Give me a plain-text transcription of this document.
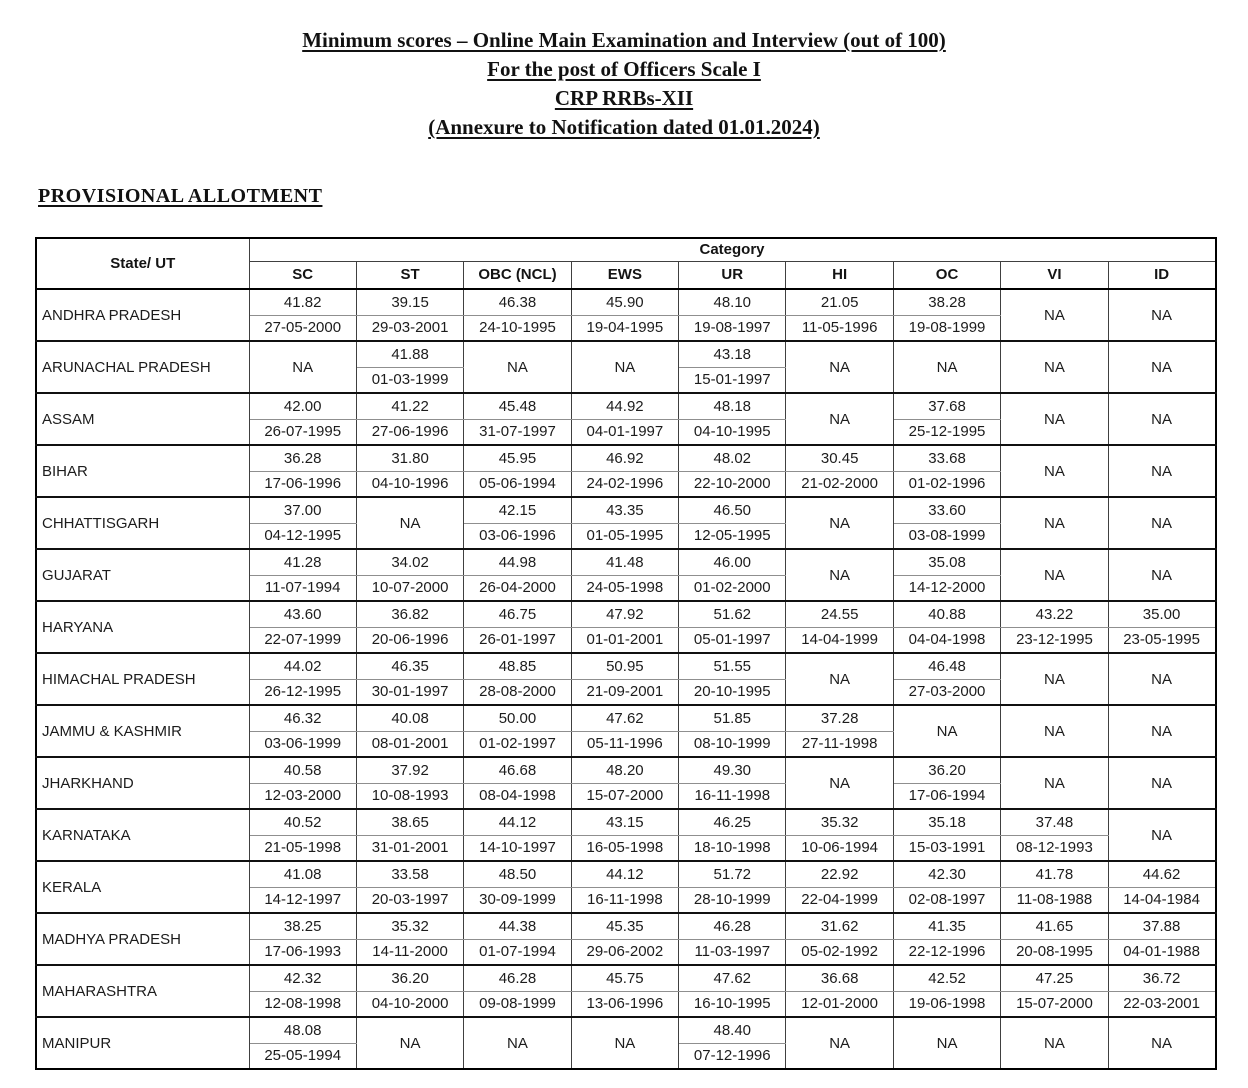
Minimum scores – Online Main Examination and Interview (out of 100)
For the post of Officers Scale I
CRP RRBs-XII
(Annexure to Notification dated 01.01.2024)
PROVISIONAL ALLOTMENT
State/ UT	Category								
	SC	ST	OBC (NCL)	EWS	UR	HI	OC	VI	ID
ANDHRA PRADESH	41.82	39.15	46.38	45.90	48.10	21.05	38.28	NA	NA
	27-05-2000	29-03-2001	24-10-1995	19-04-1995	19-08-1997	11-05-1996	19-08-1999		
ARUNACHAL PRADESH	NA	41.88	NA	NA	43.18	NA	NA	NA	NA
		01-03-1999			15-01-1997				
ASSAM	42.00	41.22	45.48	44.92	48.18	NA	37.68	NA	NA
	26-07-1995	27-06-1996	31-07-1997	04-01-1997	04-10-1995		25-12-1995		
BIHAR	36.28	31.80	45.95	46.92	48.02	30.45	33.68	NA	NA
	17-06-1996	04-10-1996	05-06-1994	24-02-1996	22-10-2000	21-02-2000	01-02-1996		
CHHATTISGARH	37.00	NA	42.15	43.35	46.50	NA	33.60	NA	NA
	04-12-1995		03-06-1996	01-05-1995	12-05-1995		03-08-1999		
GUJARAT	41.28	34.02	44.98	41.48	46.00	NA	35.08	NA	NA
	11-07-1994	10-07-2000	26-04-2000	24-05-1998	01-02-2000		14-12-2000		
HARYANA	43.60	36.82	46.75	47.92	51.62	24.55	40.88	43.22	35.00
	22-07-1999	20-06-1996	26-01-1997	01-01-2001	05-01-1997	14-04-1999	04-04-1998	23-12-1995	23-05-1995
HIMACHAL PRADESH	44.02	46.35	48.85	50.95	51.55	NA	46.48	NA	NA
	26-12-1995	30-01-1997	28-08-2000	21-09-2001	20-10-1995		27-03-2000		
JAMMU & KASHMIR	46.32	40.08	50.00	47.62	51.85	37.28	NA	NA	NA
	03-06-1999	08-01-2001	01-02-1997	05-11-1996	08-10-1999	27-11-1998			
JHARKHAND	40.58	37.92	46.68	48.20	49.30	NA	36.20	NA	NA
	12-03-2000	10-08-1993	08-04-1998	15-07-2000	16-11-1998		17-06-1994		
KARNATAKA	40.52	38.65	44.12	43.15	46.25	35.32	35.18	37.48	NA
	21-05-1998	31-01-2001	14-10-1997	16-05-1998	18-10-1998	10-06-1994	15-03-1991	08-12-1993	
KERALA	41.08	33.58	48.50	44.12	51.72	22.92	42.30	41.78	44.62
	14-12-1997	20-03-1997	30-09-1999	16-11-1998	28-10-1999	22-04-1999	02-08-1997	11-08-1988	14-04-1984
MADHYA PRADESH	38.25	35.32	44.38	45.35	46.28	31.62	41.35	41.65	37.88
	17-06-1993	14-11-2000	01-07-1994	29-06-2002	11-03-1997	05-02-1992	22-12-1996	20-08-1995	04-01-1988
MAHARASHTRA	42.32	36.20	46.28	45.75	47.62	36.68	42.52	47.25	36.72
	12-08-1998	04-10-2000	09-08-1999	13-06-1996	16-10-1995	12-01-2000	19-06-1998	15-07-2000	22-03-2001
MANIPUR	48.08	NA	NA	NA	48.40	NA	NA	NA	NA
	25-05-1994				07-12-1996				
